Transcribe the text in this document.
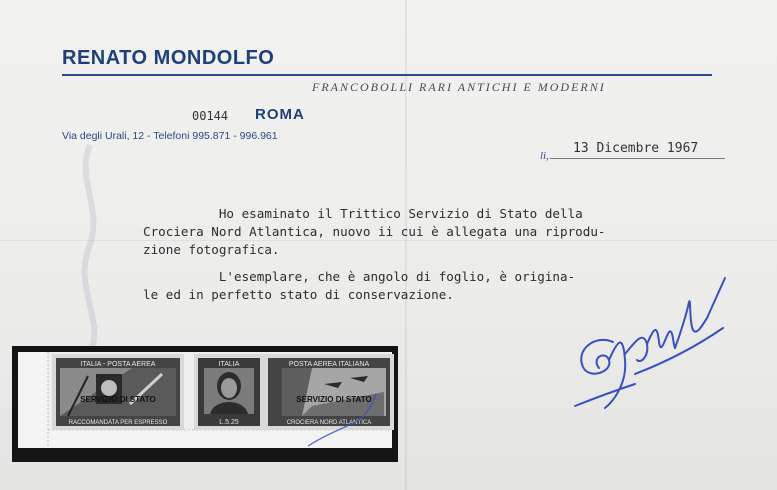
RENATO MONDOLFO
FRANCOBOLLI RARI ANTICHI E MODERNI
00144 ROMA
Via degli Urali, 12 - Telefoni 995.871 - 996.961
li, 13 Dicembre 1967
Ho esaminato il Trittico Servizio di Stato della
Crociera Nord Atlantica, nuovo ii cui è allegata una riprodu-
zione fotografica.
L'esemplare, che è angolo di foglio, è origina-
le ed in perfetto stato di conservazione.
ITALIA - POSTA AEREA
SERVIZIO DI STATO
RACCOMANDATA PER ESPRESSO
ITALIA
L.5.25
POSTA AEREA ITALIANA
SERVIZIO DI STATO
CROCIERA NORD ATLANTICA
